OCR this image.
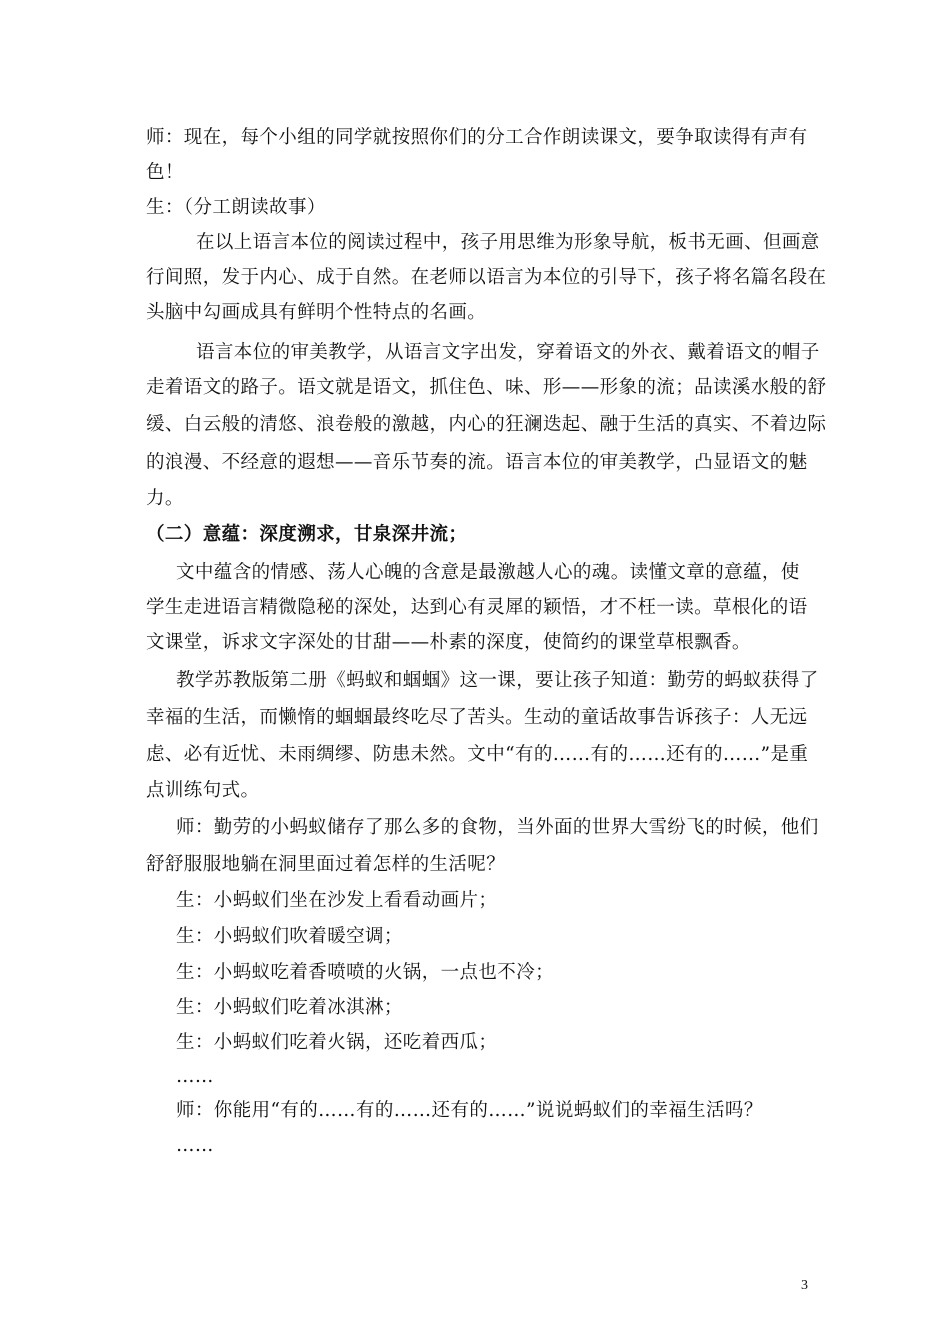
师：现在，每个小组的同学就按照你们的分工合作朗读课文，要争取读得有声有
色！
生：（分工朗读故事）
在以上语言本位的阅读过程中，孩子用思维为形象导航，板书无画、但画意
行间照，发于内心、成于自然。在老师以语言为本位的引导下，孩子将名篇名段在
头脑中勾画成具有鲜明个性特点的名画。
语言本位的审美教学，从语言文字出发，穿着语文的外衣、戴着语文的帽子
走着语文的路子。语文就是语文，抓住色、味、形——形象的流；品读溪水般的舒
缓、白云般的清悠、浪卷般的激越，内心的狂澜迭起、融于生活的真实、不着边际
的浪漫、不经意的遐想——音乐节奏的流。语言本位的审美教学，凸显语文的魅
力。
（二）意蕴：深度溯求，甘泉深井流；
文中蕴含的情感、荡人心魄的含意是最激越人心的魂。读懂文章的意蕴，使
学生走进语言精微隐秘的深处，达到心有灵犀的颖悟，才不枉一读。草根化的语
文课堂，诉求文字深处的甘甜——朴素的深度，使简约的课堂草根飘香。
教学苏教版第二册《蚂蚁和蝈蝈》这一课，要让孩子知道：勤劳的蚂蚁获得了
幸福的生活，而懒惰的蝈蝈最终吃尽了苦头。生动的童话故事告诉孩子：人无远
虑、必有近忧、未雨绸缪、防患未然。文中“有的……有的……还有的……”是重
点训练句式。
师：勤劳的小蚂蚁储存了那么多的食物，当外面的世界大雪纷飞的时候，他们
舒舒服服地躺在洞里面过着怎样的生活呢？
生：小蚂蚁们坐在沙发上看看动画片；
生：小蚂蚁们吹着暖空调；
生：小蚂蚁吃着香喷喷的火锅，一点也不冷；
生：小蚂蚁们吃着冰淇淋；
生：小蚂蚁们吃着火锅，还吃着西瓜；
……
师：你能用“有的……有的……还有的……”说说蚂蚁们的幸福生活吗？
……
3
